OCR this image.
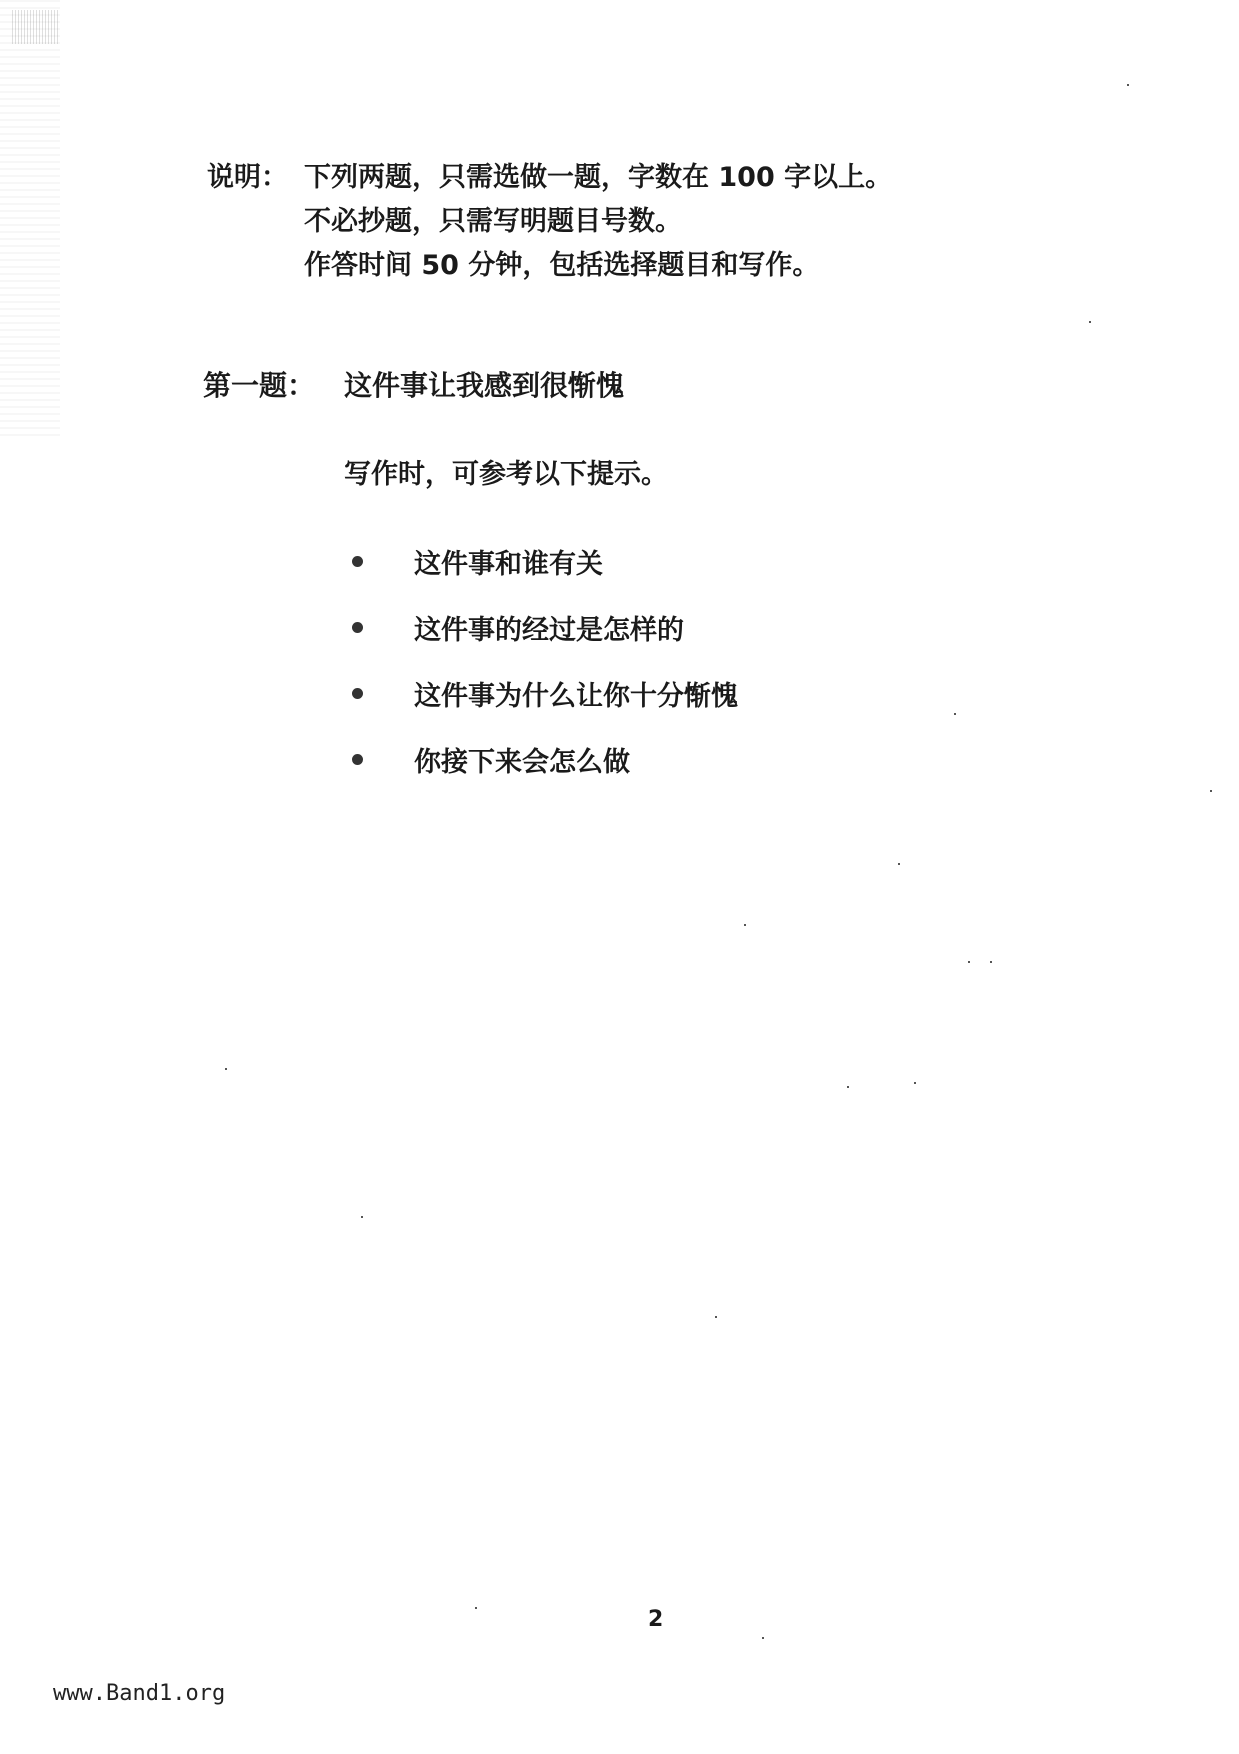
说明： 下列两题，只需选做一题，字数在 100 字以上。
不必抄题，只需写明题目号数。
作答时间 50 分钟，包括选择题目和写作。
第一题：	这件事让我感到很惭愧
写作时，可参考以下提示。
这件事和谁有关
这件事的经过是怎样的
这件事为什么让你十分惭愧
你接下来会怎么做
2
www.Band1.org
